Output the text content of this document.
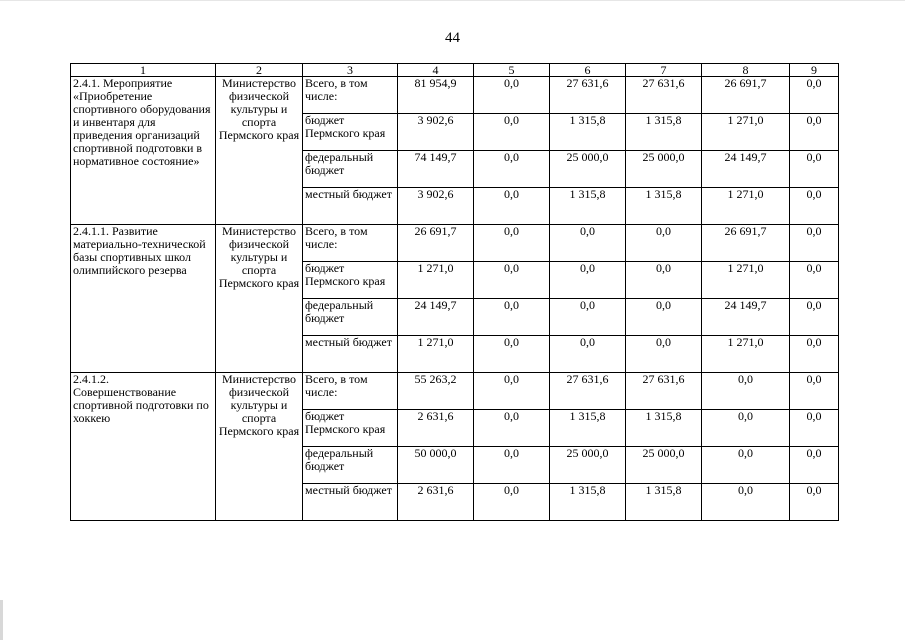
44
1	2	3	4	5	6	7	8	9
2.4.1. Мероприятие «Приобретение спортивного оборудования и инвентаря для приведения организаций спортивной подготовки в нормативное состояние»	Министерство физической культуры и спорта Пермского края	Всего, в том числе:	81 954,9	0,0	27 631,6	27 631,6	26 691,7	0,0
		бюджет Пермского края	3 902,6	0,0	1 315,8	1 315,8	1 271,0	0,0
		федеральный бюджет	74 149,7	0,0	25 000,0	25 000,0	24 149,7	0,0
		местный бюджет	3 902,6	0,0	1 315,8	1 315,8	1 271,0	0,0
2.4.1.1. Развитие материально-технической базы спортивных школ олимпийского резерва	Министерство физической культуры и спорта Пермского края	Всего, в том числе:	26 691,7	0,0	0,0	0,0	26 691,7	0,0
		бюджет Пермского края	1 271,0	0,0	0,0	0,0	1 271,0	0,0
		федеральный бюджет	24 149,7	0,0	0,0	0,0	24 149,7	0,0
		местный бюджет	1 271,0	0,0	0,0	0,0	1 271,0	0,0
2.4.1.2. Совершенствование спортивной подготовки по хоккею	Министерство физической культуры и спорта Пермского края	Всего, в том числе:	55 263,2	0,0	27 631,6	27 631,6	0,0	0,0
		бюджет Пермского края	2 631,6	0,0	1 315,8	1 315,8	0,0	0,0
		федеральный бюджет	50 000,0	0,0	25 000,0	25 000,0	0,0	0,0
		местный бюджет	2 631,6	0,0	1 315,8	1 315,8	0,0	0,0
